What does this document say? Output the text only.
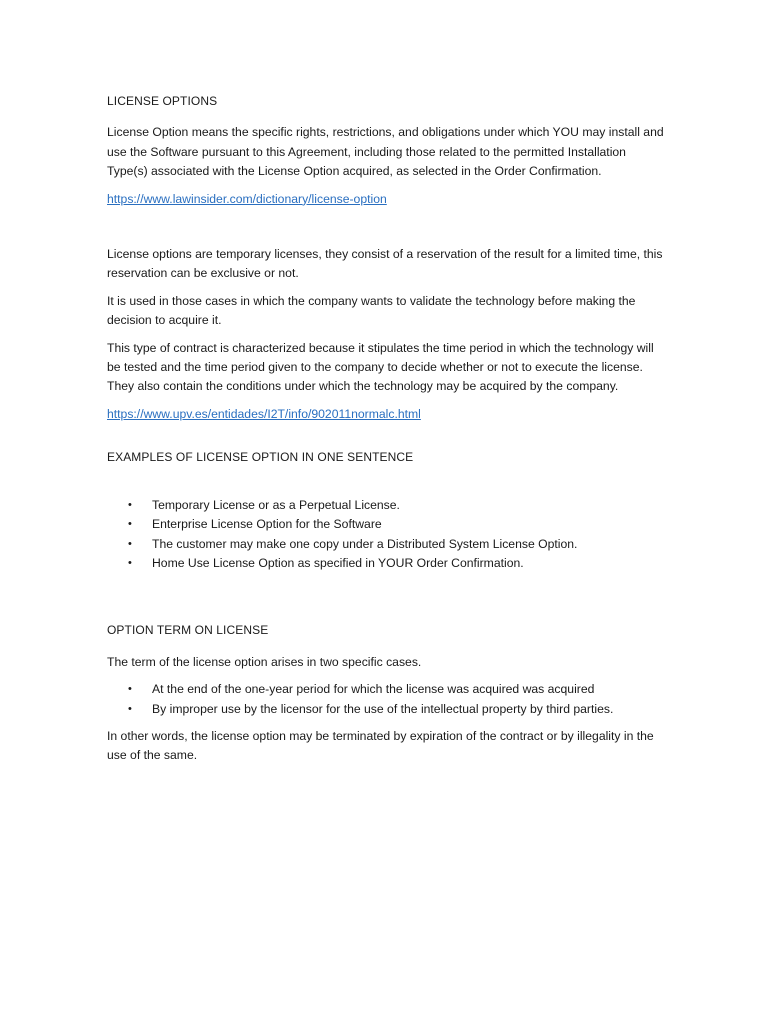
LICENSE OPTIONS

License Option means the specific rights, restrictions, and obligations under which YOU may install and use the Software pursuant to this Agreement, including those related to the permitted Installation Type(s) associated with the License Option acquired, as selected in the Order Confirmation.

https://www.lawinsider.com/dictionary/license-option

License options are temporary licenses, they consist of a reservation of the result for a limited time, this reservation can be exclusive or not.

It is used in those cases in which the company wants to validate the technology before making the decision to acquire it.

This type of contract is characterized because it stipulates the time period in which the technology will be tested and the time period given to the company to decide whether or not to execute the license. They also contain the conditions under which the technology may be acquired by the company.

https://www.upv.es/entidades/I2T/info/902011normalc.html

EXAMPLES OF LICENSE OPTION IN ONE SENTENCE
• Temporary License or as a Perpetual License.
• Enterprise License Option for the Software
• The customer may make one copy under a Distributed System License Option.
• Home Use License Option as specified in YOUR Order Confirmation.
OPTION TERM ON LICENSE

The term of the license option arises in two specific cases.

• At the end of the one-year period for which the license was acquired was acquired
• By improper use by the licensor for the use of the intellectual property by third parties.

In other words, the license option may be terminated by expiration of the contract or by illegality in the use of the same.
